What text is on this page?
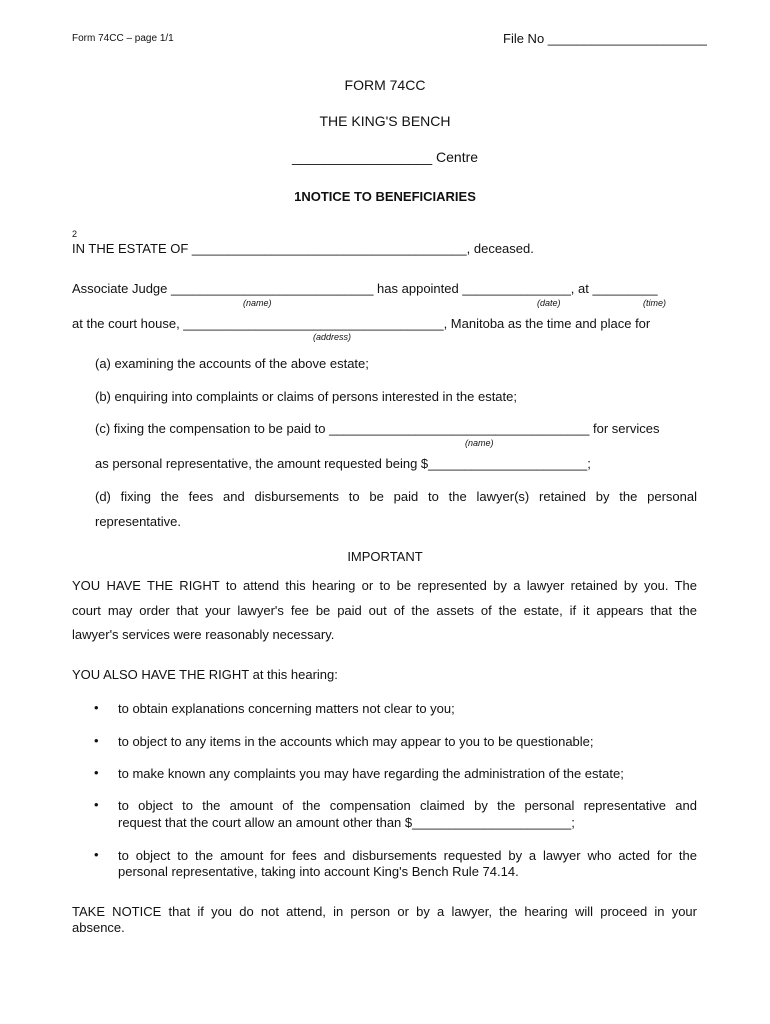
Form 74CC – page 1/1	File No ______________________
FORM 74CC
THE KING'S BENCH
__________________ Centre
1NOTICE TO BENEFICIARIES
2
IN THE ESTATE OF ______________________________________, deceased.
Associate Judge ____________________________ has appointed _______________, at _________
(name)	(date)	(time)
at the court house, ____________________________________, Manitoba as the time and place for
(address)
(a) examining the accounts of the above estate;
(b) enquiring into complaints or claims of persons interested in the estate;
(c) fixing the compensation to be paid to ____________________________________ for services
(name)
as personal representative, the amount requested being $______________________;
(d) fixing the fees and disbursements to be paid to the lawyer(s) retained by the personal
representative.
IMPORTANT
YOU HAVE THE RIGHT to attend this hearing or to be represented by a lawyer retained by you. The
court may order that your lawyer's fee be paid out of the assets of the estate, if it appears that the
lawyer's services were reasonably necessary.
YOU ALSO HAVE THE RIGHT at this hearing:
• to obtain explanations concerning matters not clear to you;
• to object to any items in the accounts which may appear to you to be questionable;
• to make known any complaints you may have regarding the administration of the estate;
• to object to the amount of the compensation claimed by the personal representative and
request that the court allow an amount other than $______________________;
• to object to the amount for fees and disbursements requested by a lawyer who acted for the
personal representative, taking into account King's Bench Rule 74.14.
TAKE NOTICE that if you do not attend, in person or by a lawyer, the hearing will proceed in your
absence.
